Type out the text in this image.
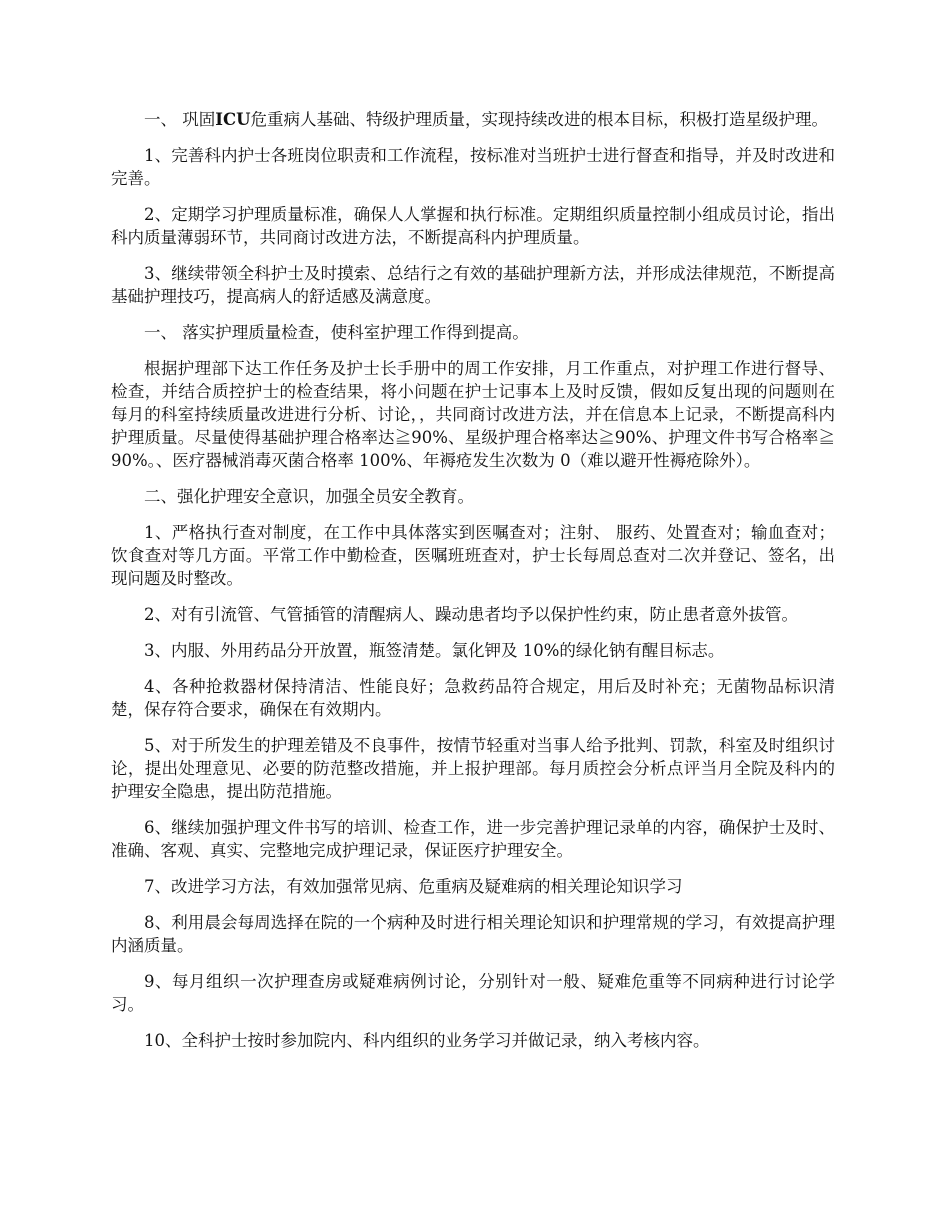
一、 巩固ICU危重病人基础、特级护理质量，实现持续改进的根本目标，积极打造星级护理。

1、完善科内护士各班岗位职责和工作流程，按标准对当班护士进行督查和指导，并及时改进和完善。

2、定期学习护理质量标准，确保人人掌握和执行标准。定期组织质量控制小组成员讨论，指出科内质量薄弱环节，共同商讨改进方法，不断提高科内护理质量。

3、继续带领全科护士及时摸索、总结行之有效的基础护理新方法，并形成法律规范，不断提高基础护理技巧，提高病人的舒适感及满意度。

一、 落实护理质量检查，使科室护理工作得到提高。

根据护理部下达工作任务及护士长手册中的周工作安排，月工作重点，对护理工作进行督导、检查，并结合质控护士的检查结果，将小问题在护士记事本上及时反馈，假如反复出现的问题则在每月的科室持续质量改进进行分析、讨论，，共同商讨改进方法，并在信息本上记录，不断提高科内护理质量。尽量使得基础护理合格率达≧90%、星级护理合格率达≧90%、护理文件书写合格率≧90%。、医疗器械消毒灭菌合格率 100%、年褥疮发生次数为 0（难以避开性褥疮除外）。

二、强化护理安全意识，加强全员安全教育。

1、严格执行查对制度，在工作中具体落实到医嘱查对；注射、 服药、处置查对；输血查对；饮食查对等几方面。平常工作中勤检查，医嘱班班查对，护士长每周总查对二次并登记、签名，出现问题及时整改。

2、对有引流管、气管插管的清醒病人、躁动患者均予以保护性约束，防止患者意外拔管。

3、内服、外用药品分开放置，瓶签清楚。氯化钾及 10%的绿化钠有醒目标志。

4、各种抢救器材保持清洁、性能良好；急救药品符合规定，用后及时补充；无菌物品标识清楚，保存符合要求，确保在有效期内。

5、对于所发生的护理差错及不良事件，按情节轻重对当事人给予批判、罚款，科室及时组织讨论，提出处理意见、必要的防范整改措施，并上报护理部。每月质控会分析点评当月全院及科内的护理安全隐患，提出防范措施。

6、继续加强护理文件书写的培训、检查工作，进一步完善护理记录单的内容，确保护士及时、准确、客观、真实、完整地完成护理记录，保证医疗护理安全。

7、改进学习方法，有效加强常见病、危重病及疑难病的相关理论知识学习

8、利用晨会每周选择在院的一个病种及时进行相关理论知识和护理常规的学习，有效提高护理内涵质量。

9、每月组织一次护理查房或疑难病例讨论，分别针对一般、疑难危重等不同病种进行讨论学习。

10、全科护士按时参加院内、科内组织的业务学习并做记录，纳入考核内容。
